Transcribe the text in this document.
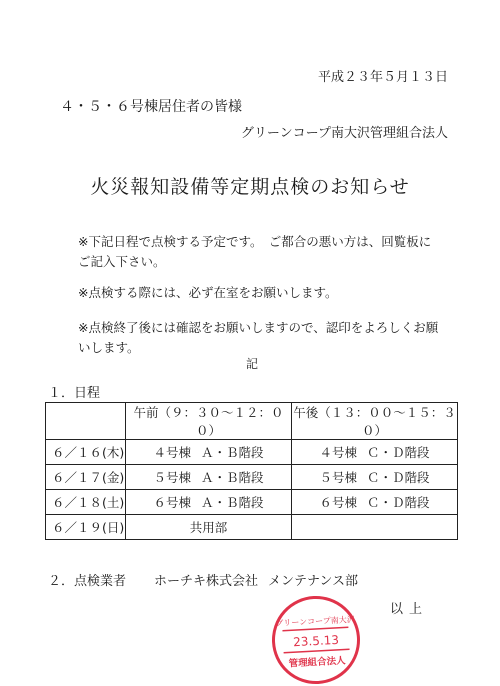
平成２３年５月１３日
４・５・６号棟居住者の皆様
グリーンコープ南大沢管理組合法人
火災報知設備等定期点検のお知らせ
※下記日程で点検する予定です。　ご都合の悪い方は、回覧板にご記入下さい。
※点検する際には、必ず在室をお願いします。
※点検終了後には確認をお願いしますので、認印をよろしくお願いします。
記
１．日程
	午前（９：３０～１２：００）	午後（１３：００～１５：３０）
６／１６(木)	４号棟 Ａ・Ｂ階段	４号棟 Ｃ・Ｄ階段
６／１７(金)	５号棟 Ａ・Ｂ階段	５号棟 Ｃ・Ｄ階段
６／１８(土)	６号棟 Ａ・Ｂ階段	６号棟 Ｃ・Ｄ階段
６／１９(日)	共用部	
２．点検業者 ホーチキ株式会社 メンテナンス部
以上
グリーンコープ南大沢
23.5.13
管理組合法人
